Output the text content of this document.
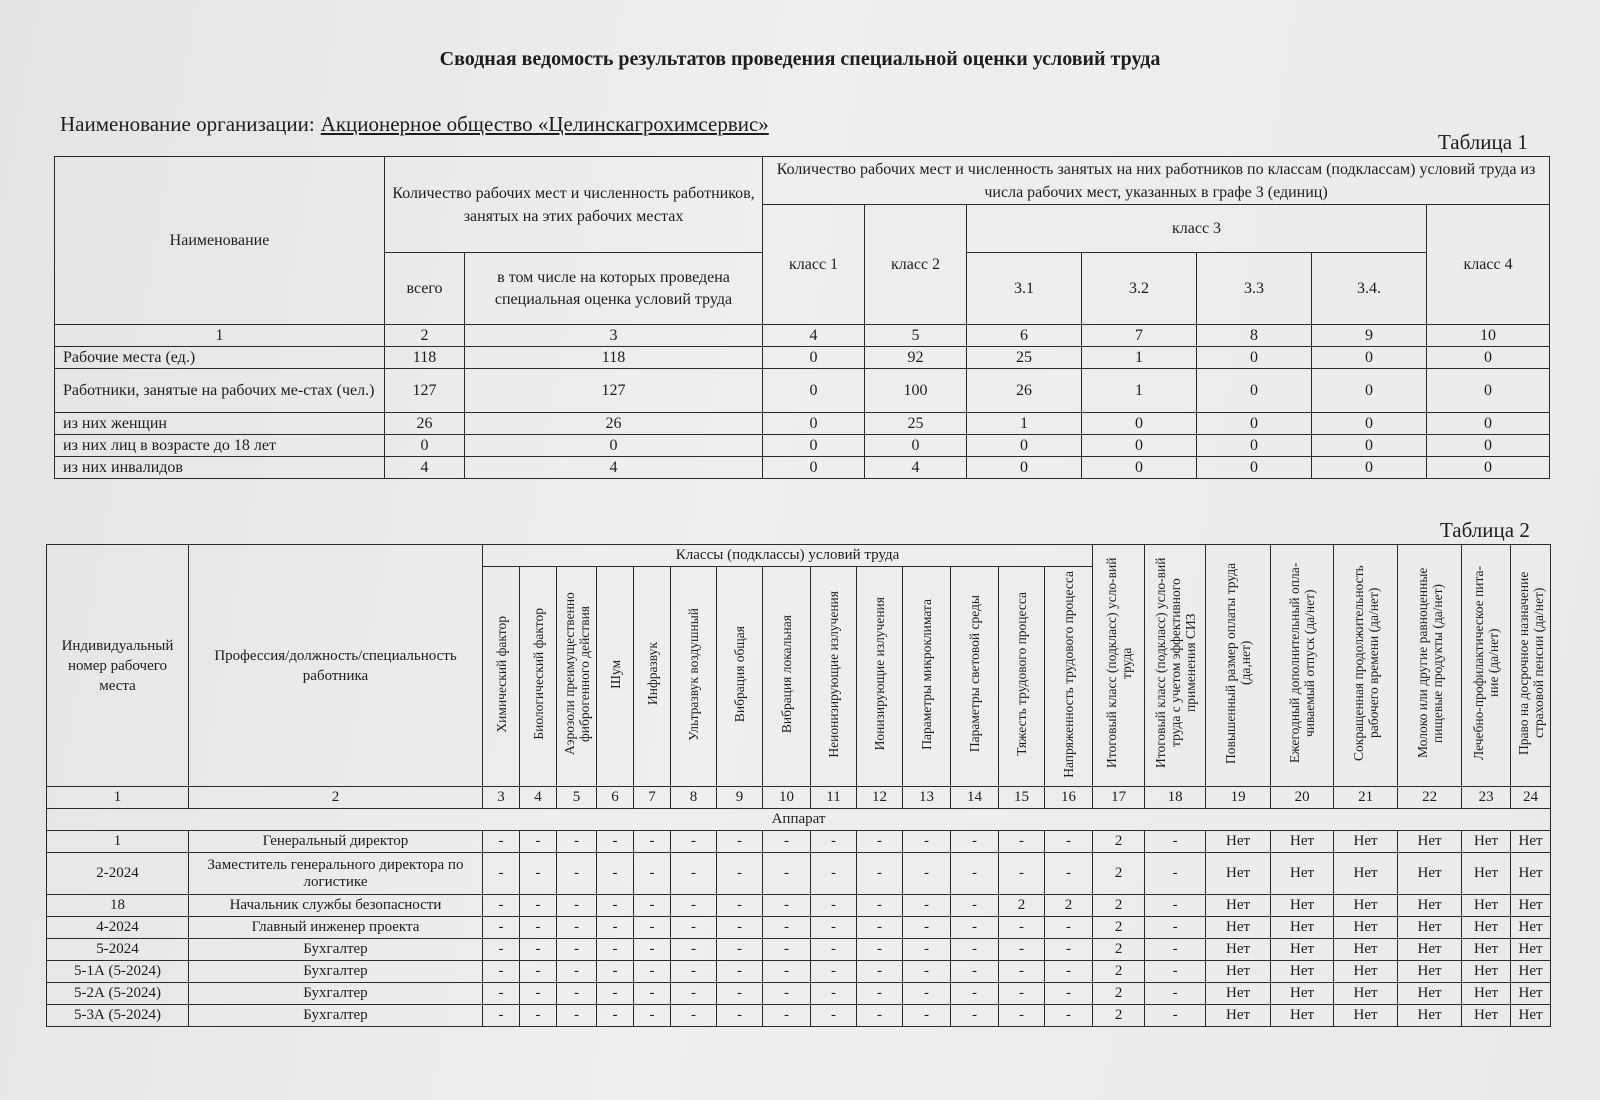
Сводная ведомость результатов проведения специальной оценки условий труда
Наименование организации: Акционерное общество «Целинскагрохимсервис»
Таблица 1
Наименование	Количество рабочих мест и численность работников, занятых на этих рабочих местах		Количество рабочих мест и численность занятых на них работников по классам (подклассам) условий труда из числа рабочих мест, указанных в графе 3 (единиц)						
			класс 1	класс 2	класс 3				класс 4
	всего	в том числе на которых проведена специальная оценка условий труда			3.1	3.2	3.3	3.4.	
1	2	3	4	5	6	7	8	9	10
Рабочие места (ед.)	118	118	0	92	25	1	0	0	0
Работники, занятые на рабочих ме-стах (чел.)	127	127	0	100	26	1	0	0	0
из них женщин	26	26	0	25	1	0	0	0	0
из них лиц в возрасте до 18 лет	0	0	0	0	0	0	0	0	0
из них инвалидов	4	4	0	4	0	0	0	0	0
Таблица 2
Индивидуальный номер рабочего места	Профессия/должность/специальность работника	Классы (подклассы) условий труда														Итоговый класс (подкласс) усло-вий труда	Итоговый класс (подкласс) усло-вий труда с учетом эффективного применения СИЗ	Повышенный размер оплаты труда (да,нет)	Ежегодный дополнительный опла-чиваемый отпуск (да/нет)	Сокращенная продолжительность рабочего времени (да/нет)	Молоко или другие равноценные пищевые продукты (да/нет)	Лечебно-профилактическое пита-ние (да/нет)	Право на досрочное назначение страховой пенсии (да/нет)
		Химический фактор	Биологический фактор	Аэрозоли преимущественно фиброгенного действия	Шум	Инфразвук	Ультразвук воздушный	Вибрация общая	Вибрация локальная	Неионизирующие излучения	Ионизирующие излучения	Параметры микроклимата	Параметры световой среды	Тяжесть трудового процесса	Напряженность трудового процесса								
1	2	3	4	5	6	7	8	9	10	11	12	13	14	15	16	17	18	19	20	21	22	23	24
Аппарат																							
1	Генеральный директор	-	-	-	-	-	-	-	-	-	-	-	-	-	-	2	-	Нет	Нет	Нет	Нет	Нет	Нет
2-2024	Заместитель генерального директора по логистике	-	-	-	-	-	-	-	-	-	-	-	-	-	-	2	-	Нет	Нет	Нет	Нет	Нет	Нет
18	Начальник службы безопасности	-	-	-	-	-	-	-	-	-	-	-	-	2	2	2	-	Нет	Нет	Нет	Нет	Нет	Нет
4-2024	Главный инженер проекта	-	-	-	-	-	-	-	-	-	-	-	-	-	-	2	-	Нет	Нет	Нет	Нет	Нет	Нет
5-2024	Бухгалтер	-	-	-	-	-	-	-	-	-	-	-	-	-	-	2	-	Нет	Нет	Нет	Нет	Нет	Нет
5-1А (5-2024)	Бухгалтер	-	-	-	-	-	-	-	-	-	-	-	-	-	-	2	-	Нет	Нет	Нет	Нет	Нет	Нет
5-2А (5-2024)	Бухгалтер	-	-	-	-	-	-	-	-	-	-	-	-	-	-	2	-	Нет	Нет	Нет	Нет	Нет	Нет
5-3А (5-2024)	Бухгалтер	-	-	-	-	-	-	-	-	-	-	-	-	-	-	2	-	Нет	Нет	Нет	Нет	Нет	Нет
